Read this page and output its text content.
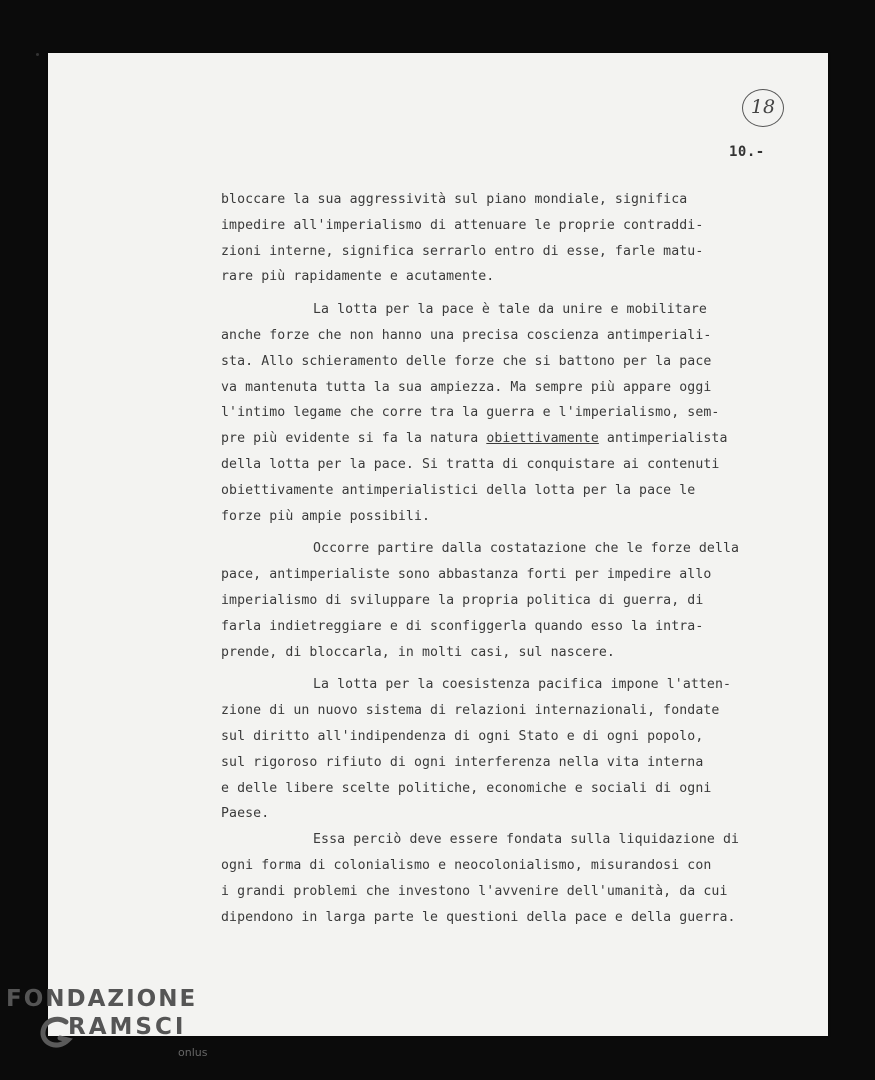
18
10.-

bloccare la sua aggressività sul piano mondiale, significa
impedire all'imperialismo di attenuare le proprie contraddi-
zioni interne, significa serrarlo entro di esse, farle matu-
rare più rapidamente e acutamente.

La lotta per la pace è tale da unire e mobilitare
anche forze che non hanno una precisa coscienza antimperiali-
sta. Allo schieramento delle forze che si battono per la pace
va mantenuta tutta la sua ampiezza. Ma sempre più appare oggi
l'intimo legame che corre tra la guerra e l'imperialismo, sem-
pre più evidente si fa la natura obiettivamente antimperialista
della lotta per la pace. Si tratta di conquistare ai contenuti
obiettivamente antimperialistici della lotta per la pace le
forze più ampie possibili.

Occorre partire dalla costatazione che le forze della
pace, antimperialiste sono abbastanza forti per impedire allo
imperialismo di sviluppare la propria politica di guerra, di
farla indietreggiare e di sconfiggerla quando esso la intra-
prende, di bloccarla, in molti casi, sul nascere.

La lotta per la coesistenza pacifica impone l'atten-
zione di un nuovo sistema di relazioni internazionali, fondate
sul diritto all'indipendenza di ogni Stato e di ogni popolo,
sul rigoroso rifiuto di ogni interferenza nella vita interna
e delle libere scelte politiche, economiche e sociali di ogni
Paese.

Essa perciò deve essere fondata sulla liquidazione di
ogni forma di colonialismo e neocolonialismo, misurandosi con
i grandi problemi che investono l'avvenire dell'umanità, da cui
dipendono in larga parte le questioni della pace e della guerra.

FONDAZIONE
RAMSCI
onlus
